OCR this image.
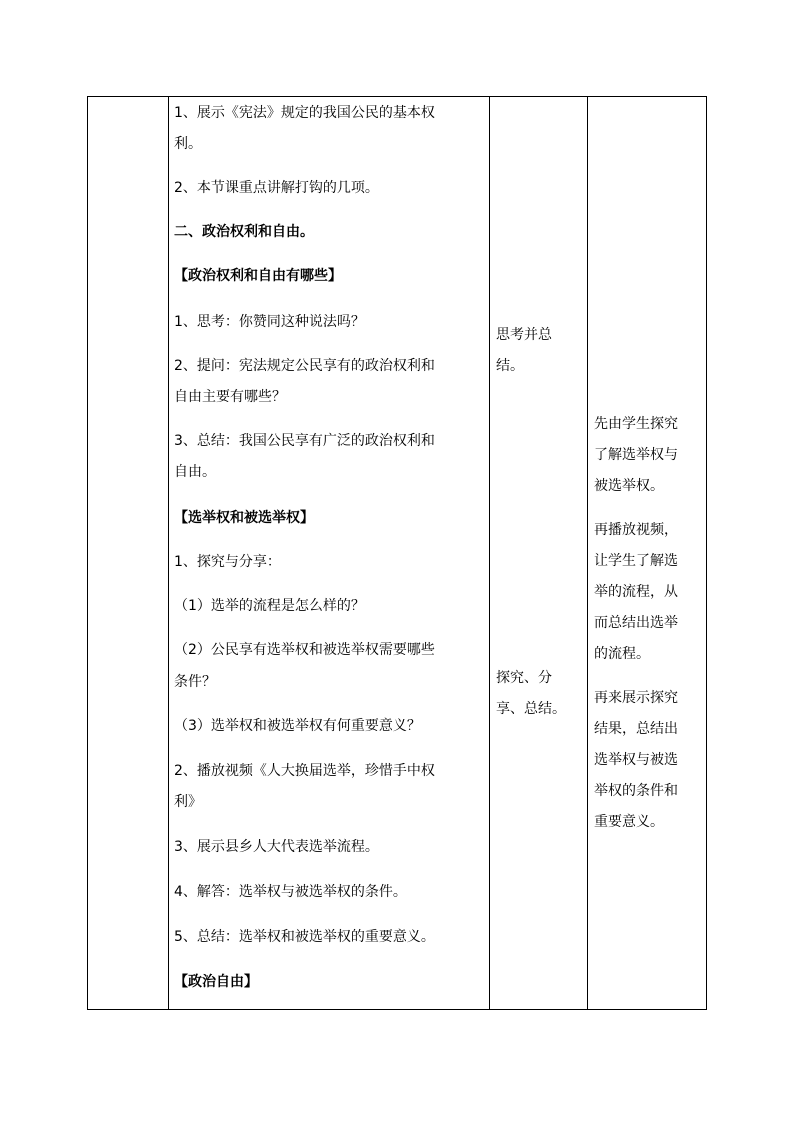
1、展示《宪法》规定的我国公民的基本权
利。
2、本节课重点讲解打钩的几项。
二、政治权利和自由。
【政治权利和自由有哪些】
1、思考：你赞同这种说法吗？
2、提问：宪法规定公民享有的政治权利和
自由主要有哪些？
3、总结：我国公民享有广泛的政治权利和
自由。
【选举权和被选举权】
1、探究与分享：
（1）选举的流程是怎么样的？
（2）公民享有选举权和被选举权需要哪些
条件？
（3）选举权和被选举权有何重要意义？
2、播放视频《人大换届选举，珍惜手中权
利》
3、展示县乡人大代表选举流程。
4、解答：选举权与被选举权的条件。
5、总结：选举权和被选举权的重要意义。
【政治自由】
思考并总
结。
探究、分
享、总结。
先由学生探究
了解选举权与
被选举权。
再播放视频，
让学生了解选
举的流程，从
而总结出选举
的流程。
再来展示探究
结果，总结出
选举权与被选
举权的条件和
重要意义。
